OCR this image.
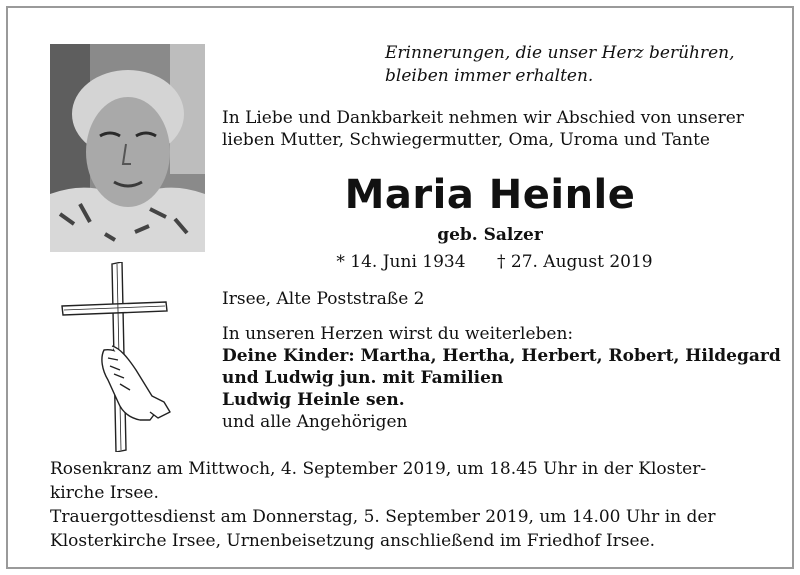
Erinnerungen, die unser Herz berühren,
bleiben immer erhalten.
In Liebe und Dankbarkeit nehmen wir Abschied von unserer
lieben Mutter, Schwiegermutter, Oma, Uroma und Tante
Maria Heinle
geb. Salzer
* 14. Juni 1934 † 27. August 2019
Irsee, Alte Poststraße 2
In unseren Herzen wirst du weiterleben:
Deine Kinder: Martha, Hertha, Herbert, Robert, Hildegard
und Ludwig jun. mit Familien
Ludwig Heinle sen.
und alle Angehörigen
Rosenkranz am Mittwoch, 4. September 2019, um 18.45 Uhr in der Kloster-
kirche Irsee.
Trauergottesdienst am Donnerstag, 5. September 2019, um 14.00 Uhr in der
Klosterkirche Irsee, Urnenbeisetzung anschließend im Friedhof Irsee.
